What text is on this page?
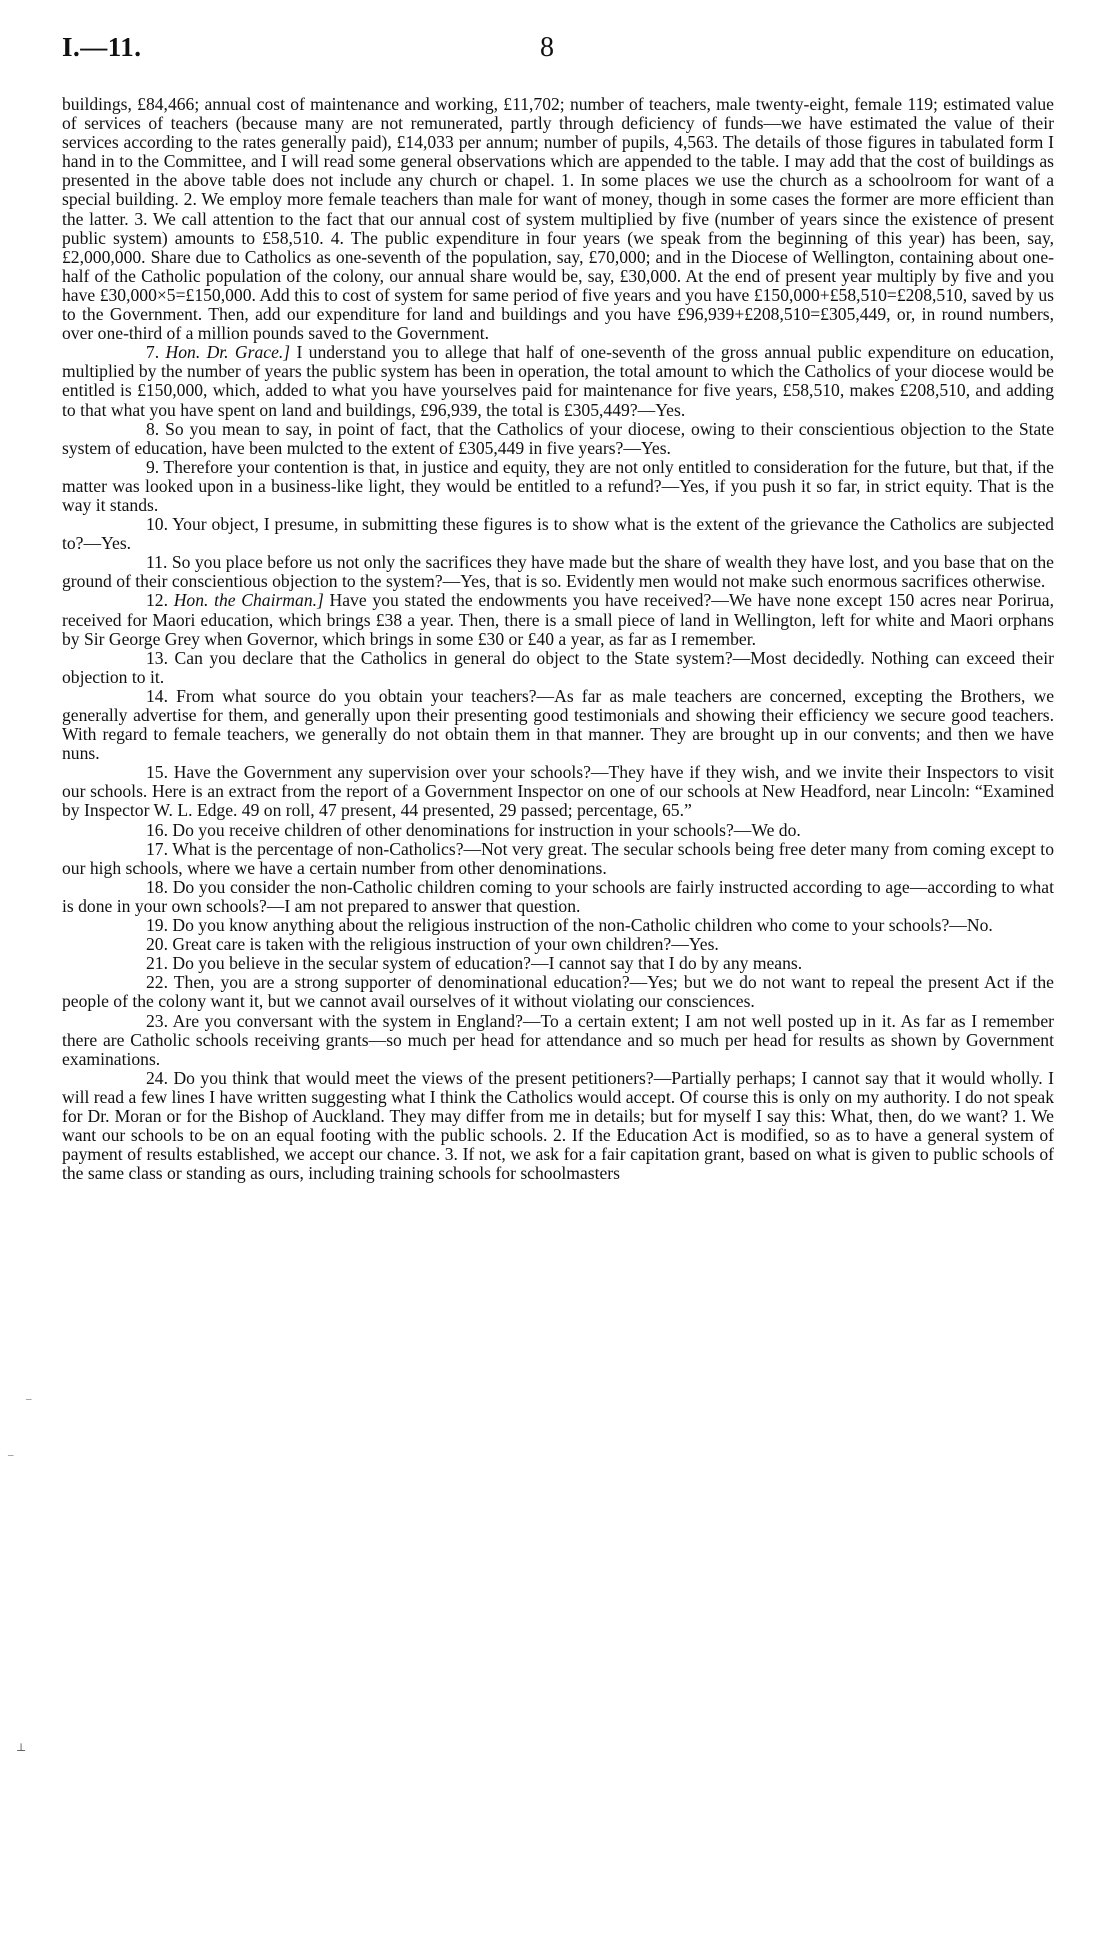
I.—11.	8
–
–
⊥

buildings, £84,466; annual cost of maintenance and working, £11,702; number of teachers, male twenty-eight, female 119; estimated value of services of teachers (because many are not remunerated, partly through deficiency of funds—we have estimated the value of their services according to the rates generally paid), £14,033 per annum; number of pupils, 4,563. The details of those figures in tabulated form I hand in to the Committee, and I will read some general observations which are appended to the table. I may add that the cost of buildings as presented in the above table does not include any church or chapel. 1. In some places we use the church as a schoolroom for want of a special building. 2. We employ more female teachers than male for want of money, though in some cases the former are more efficient than the latter. 3. We call attention to the fact that our annual cost of system multiplied by five (number of years since the existence of present public system) amounts to £58,510. 4. The public expenditure in four years (we speak from the beginning of this year) has been, say, £2,000,000. Share due to Catholics as one-seventh of the population, say, £70,000; and in the Diocese of Wellington, containing about one-half of the Catholic population of the colony, our annual share would be, say, £30,000. At the end of present year multiply by five and you have £30,000×5=£150,000. Add this to cost of system for same period of five years and you have £150,000+£58,510=£208,510, saved by us to the Government. Then, add our expenditure for land and buildings and you have £96,939+£208,510=£305,449, or, in round numbers, over one-third of a million pounds saved to the Government.

7. Hon. Dr. Grace.] I understand you to allege that half of one-seventh of the gross annual public expenditure on education, multiplied by the number of years the public system has been in operation, the total amount to which the Catholics of your diocese would be entitled is £150,000, which, added to what you have yourselves paid for maintenance for five years, £58,510, makes £208,510, and adding to that what you have spent on land and buildings, £96,939, the total is £305,449?—Yes.

8. So you mean to say, in point of fact, that the Catholics of your diocese, owing to their conscientious objection to the State system of education, have been mulcted to the extent of £305,449 in five years?—Yes.

9. Therefore your contention is that, in justice and equity, they are not only entitled to consideration for the future, but that, if the matter was looked upon in a business-like light, they would be entitled to a refund?—Yes, if you push it so far, in strict equity. That is the way it stands.

10. Your object, I presume, in submitting these figures is to show what is the extent of the grievance the Catholics are subjected to?—Yes.

11. So you place before us not only the sacrifices they have made but the share of wealth they have lost, and you base that on the ground of their conscientious objection to the system?—Yes, that is so. Evidently men would not make such enormous sacrifices otherwise.

12. Hon. the Chairman.] Have you stated the endowments you have received?—We have none except 150 acres near Porirua, received for Maori education, which brings £38 a year. Then, there is a small piece of land in Wellington, left for white and Maori orphans by Sir George Grey when Governor, which brings in some £30 or £40 a year, as far as I remember.

13. Can you declare that the Catholics in general do object to the State system?—Most decidedly. Nothing can exceed their objection to it.

14. From what source do you obtain your teachers?—As far as male teachers are concerned, excepting the Brothers, we generally advertise for them, and generally upon their presenting good testimonials and showing their efficiency we secure good teachers. With regard to female teachers, we generally do not obtain them in that manner. They are brought up in our convents; and then we have nuns.

15. Have the Government any supervision over your schools?—They have if they wish, and we invite their Inspectors to visit our schools. Here is an extract from the report of a Government Inspector on one of our schools at New Headford, near Lincoln: “Examined by Inspector W. L. Edge. 49 on roll, 47 present, 44 presented, 29 passed; percentage, 65.”

16. Do you receive children of other denominations for instruction in your schools?—We do.

17. What is the percentage of non-Catholics?—Not very great. The secular schools being free deter many from coming except to our high schools, where we have a certain number from other denominations.

18. Do you consider the non-Catholic children coming to your schools are fairly instructed according to age—according to what is done in your own schools?—I am not prepared to answer that question.

19. Do you know anything about the religious instruction of the non-Catholic children who come to your schools?—No.

20. Great care is taken with the religious instruction of your own children?—Yes.

21. Do you believe in the secular system of education?—I cannot say that I do by any means.

22. Then, you are a strong supporter of denominational education?—Yes; but we do not want to repeal the present Act if the people of the colony want it, but we cannot avail ourselves of it without violating our consciences.

23. Are you conversant with the system in England?—To a certain extent; I am not well posted up in it. As far as I remember there are Catholic schools receiving grants—so much per head for attendance and so much per head for results as shown by Government examinations.

24. Do you think that would meet the views of the present petitioners?—Partially perhaps; I cannot say that it would wholly. I will read a few lines I have written suggesting what I think the Catholics would accept. Of course this is only on my authority. I do not speak for Dr. Moran or for the Bishop of Auckland. They may differ from me in details; but for myself I say this: What, then, do we want? 1. We want our schools to be on an equal footing with the public schools. 2. If the Education Act is modified, so as to have a general system of payment of results established, we accept our chance. 3. If not, we ask for a fair capitation grant, based on what is given to public schools of the same class or standing as ours, including training schools for schoolmasters
